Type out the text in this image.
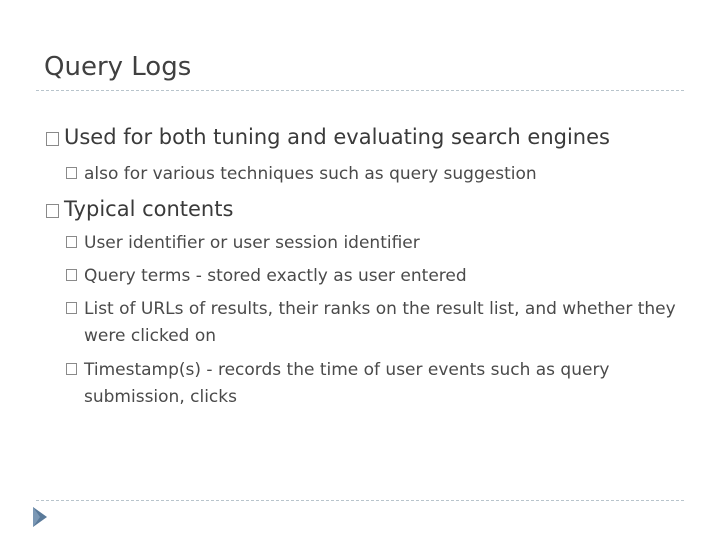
Query Logs
Used for both tuning and evaluating search engines
also for various techniques such as query suggestion
Typical contents
User identifier or user session identifier
Query terms - stored exactly as user entered
List of URLs of results, their ranks on the result list, and whether they were clicked on
Timestamp(s) - records the time of user events such as query submission, clicks
